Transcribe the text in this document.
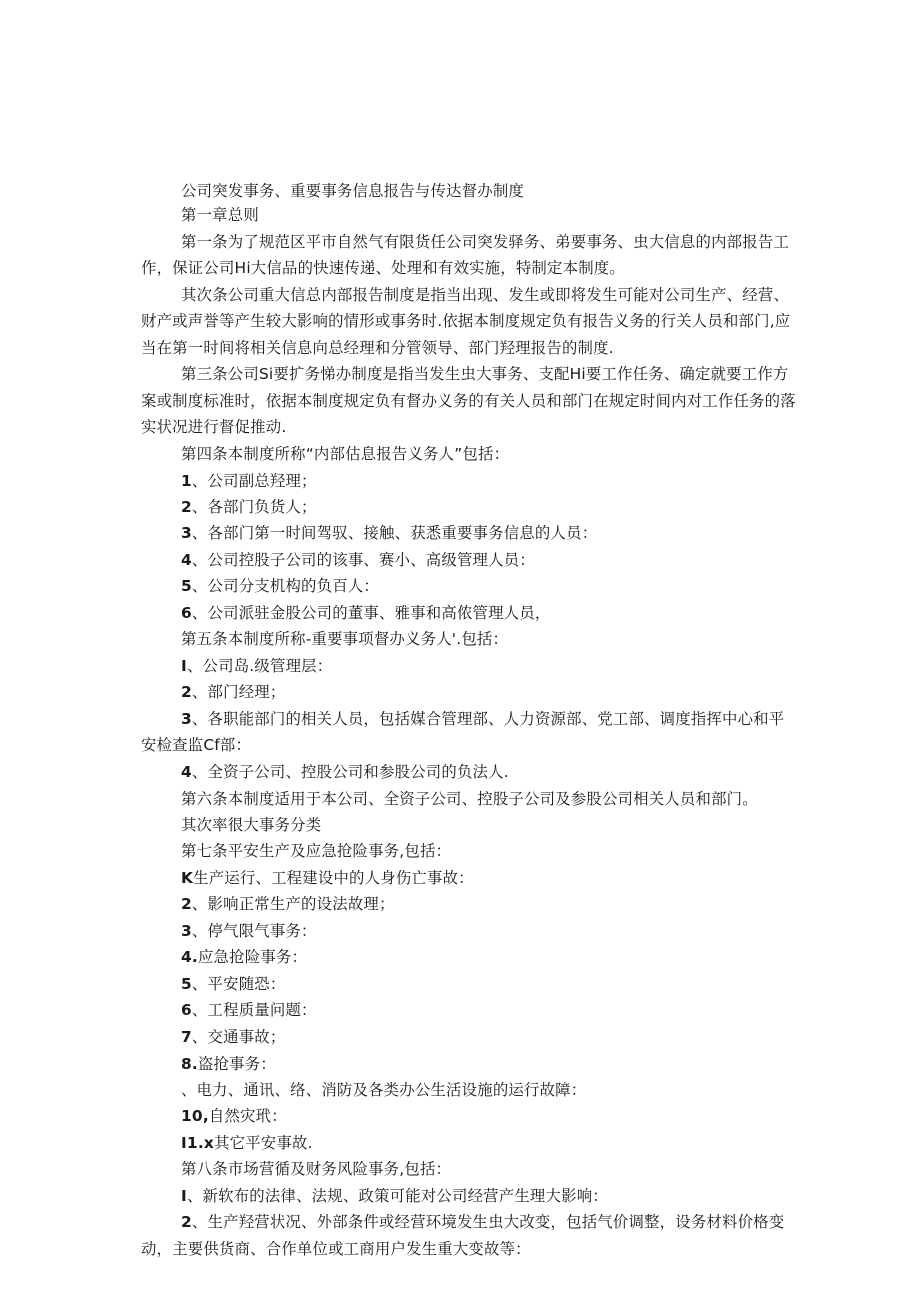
公司突发事务、重要事务信息报告与传达督办制度
第一章总则
第一条为了规范区平市自然气有限货任公司突发驿务、弟要事务、虫大信息的内部报告工
作，保证公司Hi大信品的快速传递、处理和有效实施，特制定本制度。
其次条公司重大信总内部报告制度是指当出现、发生或即将发生可能对公司生产、经营、
财产或声誉等产生较大影响的情形或事务时.依据本制度规定负有报告义务的行关人员和部门,应
当在第一时间将相关信息向总经理和分管领导、部门羟理报告的制度.
第三条公司Si要扩务悌办制度是指当发生虫大事务、支配Hi要工作任务、确定就要工作方
案或制度标准时，依据本制度规定负有督办义务的有关人员和部门在规定时间内对工作任务的落
实状况进行督促推动.
第四条本制度所称“内部估息报告义务人”包括：
1、公司副总羟理；
2、各部门负货人；
3、各部门第一时间驾驭、接触、获悉重要事务信息的人员：
4、公司控股子公司的该事、赛小、高级管理人员：
5、公司分支机构的负百人：
6、公司派驻金股公司的董事、雅事和高侬管理人员，
第五条本制度所称-重要事项督办义务人'.包括：
I、公司岛.级管理层：
2、部门经理；
3、各职能部门的相关人员，包括媒合管理部、人力资源部、党工部、调度指挥中心和平
安检查监Cf部：
4、全资子公司、控股公司和参股公司的负法人.
第六条本制度适用于本公司、全资子公司、控股子公司及参股公司相关人员和部门。
其次率很大事务分类
第七条平安生产及应急抢险事务,包括：
K生产运行、工程建设中的人身伤亡事故：
2、影响正常生产的设法故理；
3、停气限气事务：
4.应急抢险事务：
5、平安随恐：
6、工程质量问题：
7、交通事故；
8.盗抢事务：
、电力、通讯、络、消防及各类办公生活设施的运行故障：
10,自然灾玳：
I1.x其它平安事故.
第八条市场营循及财务风险事务,包括：
I、新软布的法律、法规、政策可能对公司经营产生理大影响：
2、生产羟营状况、外部条件或经营环境发生虫大改变，包括气价调整，设务材料价格变
动，主要供货商、合作单位或工商用户发生重大变故等：
